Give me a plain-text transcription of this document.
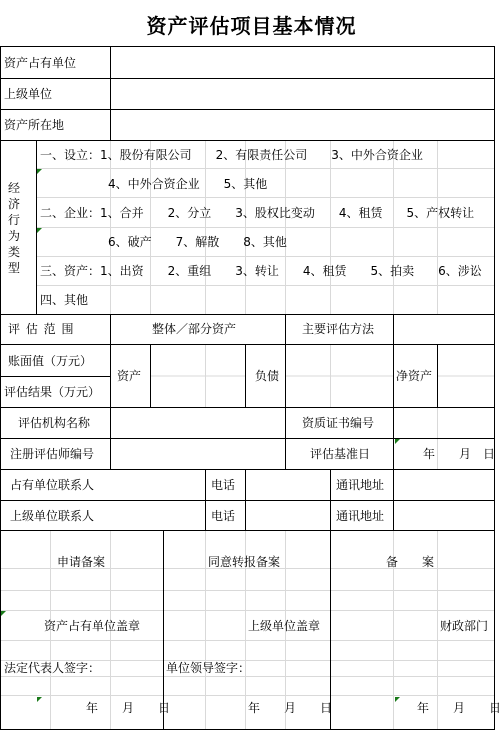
资产评估项目基本情况
资产占有单位
上级单位
资产所在地
经济行为类型
一、设立：1、股份有限公司　　2、有限责任公司　　3、中外合资企业
4、中外合资企业　　5、其他
二、企业：1、合并　　2、分立　　3、股权比变动　　4、租赁　　5、产权转让
6、破产　　7、解散　　8、其他
三、资产：1、出资　　2、重组　　3、转让　　4、租赁　　5、拍卖　　6、涉讼
四、其他
评 估 范 围	整体／部分资产	主要评估方法
账面值（万元）
评估结果（万元）
资产	负债	净资产
评估机构名称	资质证书编号
注册评估师编号	评估基准日	年　　月　日
占有单位联系人	电话	通讯地址
上级单位联系人	电话	通讯地址
申请备案	同意转报备案	备　　案
资产占有单位盖章	上级单位盖章	财政部门
法定代表人签字：	单位领导签字：
年　　月　　日	年　　月　　日	年　　月　　日
